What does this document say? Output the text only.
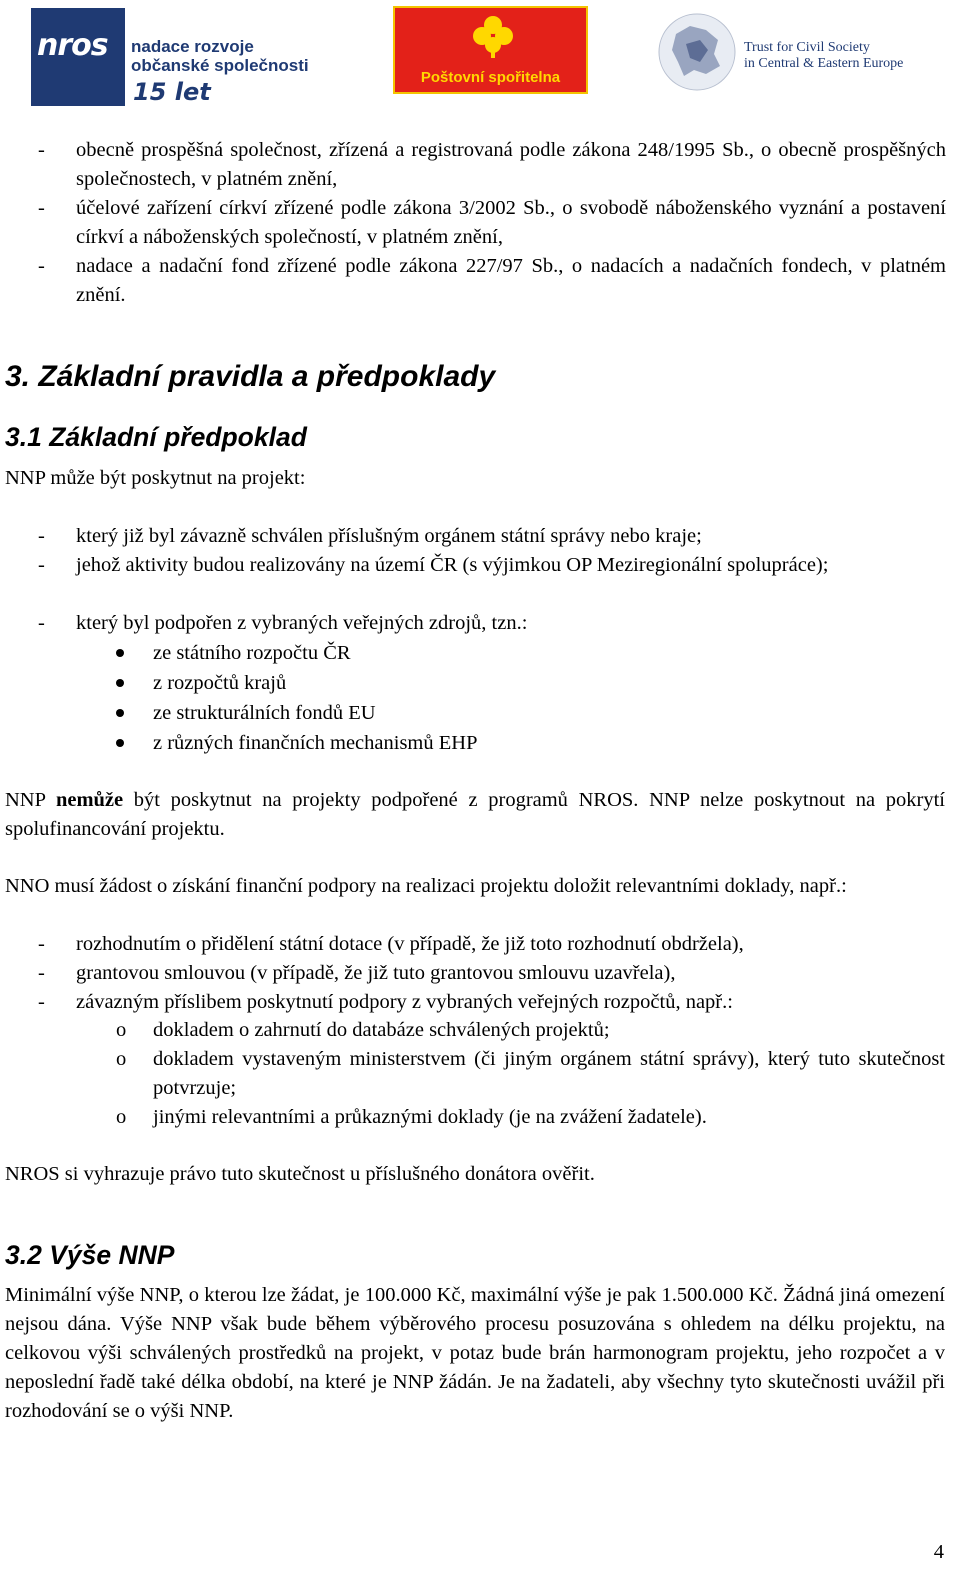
nros nadace rozvoje
občanské společnosti
15 let
Poštovní spořitelna
Trust for Civil Society
in Central & Eastern Europe
- obecně prospěšná společnost, zřízená a registrovaná podle zákona 248/1995 Sb., o obecně prospěšných společnostech, v platném znění,
- účelové zařízení církví zřízené podle zákona 3/2002 Sb., o svobodě náboženského vyznání a postavení církví a náboženských společností, v platném znění,
- nadace a nadační fond zřízené podle zákona 227/97 Sb., o nadacích a nadačních fondech, v platném znění.
3. Základní pravidla a předpoklady
3.1 Základní předpoklad
NNP může být poskytnut na projekt:
- který již byl závazně schválen příslušným orgánem státní správy nebo kraje;
- jehož aktivity budou realizovány na území ČR (s výjimkou OP Meziregionální spolupráce);
- který byl podpořen z vybraných veřejných zdrojů, tzn.:
ze státního rozpočtu ČR
z rozpočtů krajů
ze strukturálních fondů EU
z různých finančních mechanismů EHP
NNP nemůže být poskytnut na projekty podpořené z programů NROS. NNP nelze poskytnout na pokrytí spolufinancování projektu.
NNO musí žádost o získání finanční podpory na realizaci projektu doložit relevantními doklady, např.:
- rozhodnutím o přidělení státní dotace (v případě, že již toto rozhodnutí obdržela),
- grantovou smlouvou (v případě, že již tuto grantovou smlouvu uzavřela),
- závazným příslibem poskytnutí podpory z vybraných veřejných rozpočtů, např.:
o dokladem o zahrnutí do databáze schválených projektů;
o dokladem vystaveným ministerstvem (či jiným orgánem státní správy), který tuto skutečnost potvrzuje;
o jinými relevantními a průkaznými doklady (je na zvážení žadatele).
NROS si vyhrazuje právo tuto skutečnost u příslušného donátora ověřit.
3.2 Výše NNP
Minimální výše NNP, o kterou lze žádat, je 100.000 Kč, maximální výše je pak 1.500.000 Kč. Žádná jiná omezení nejsou dána. Výše NNP však bude během výběrového procesu posuzována s ohledem na délku projektu, na celkovou výši schválených prostředků na projekt, v potaz bude brán harmonogram projektu, jeho rozpočet a v neposlední řadě také délka období, na které je NNP žádán. Je na žadateli, aby všechny tyto skutečnosti uvážil při rozhodování se o výši NNP.
4
